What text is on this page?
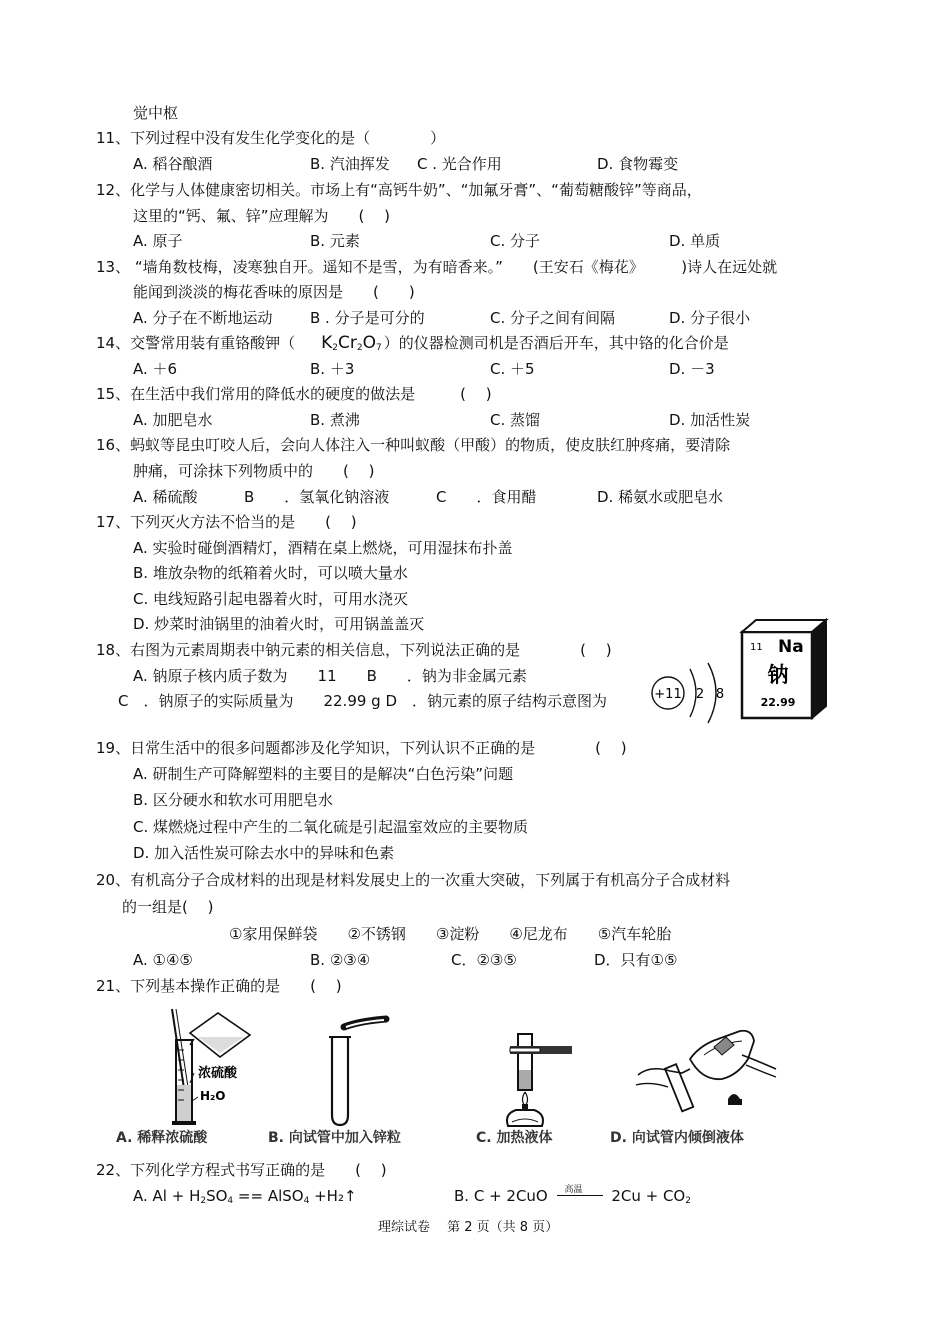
觉中枢
11、下列过程中没有发生化学变化的是（　　　　）
A. 稻谷酿酒	B. 汽油挥发 C . 光合作用	D. 食物霉变
12、化学与人体健康密切相关。市场上有“高钙牛奶”、“加氟牙膏”、“葡萄糖酸锌”等商品，
这里的“钙、氟、锌”应理解为　　(　 )
A. 原子	B. 元素	C. 分子	D. 单质
13、 “墙角数枝梅，凌寒独自开。遥知不是雪，为有暗香来。”　　(王安石《梅花》　　　)诗人在远处就
能闻到淡淡的梅花香味的原因是　　(　　)
A. 分子在不断地运动 B . 分子是可分的	C. 分子之间有间隔	D. 分子很小
14、交警常用装有重铬酸钾（ $K_2Cr_2O_7$ ）的仪器检测司机是否酒后开车，其中铬的化合价是
A. ＋6	B. ＋3	C. ＋5	D. －3
15、在生活中我们常用的降低水的硬度的做法是　　　(　 )
A. 加肥皂水	B. 煮沸	C. 蒸馏	D. 加活性炭
16、蚂蚁等昆虫叮咬人后，会向人体注入一种叫蚁酸（甲酸）的物质，使皮肤红肿疼痛，要清除
肿痛，可涂抹下列物质中的　　(　 )
A. 稀硫酸	B　　．氢氧化钠溶液	C　　．食用醋	D. 稀氨水或肥皂水
17、下列灭火方法不恰当的是　　(　 )
A. 实验时碰倒酒精灯，酒精在桌上燃烧，可用湿抹布扑盖
B. 堆放杂物的纸箱着火时，可以喷大量水
C. 电线短路引起电器着火时，可用水浇灭
D. 炒菜时油锅里的油着火时，可用锅盖盖灭
18、右图为元素周期表中钠元素的相关信息，下列说法正确的是　　　　(　 )
A. 钠原子核内质子数为　　11　　B　　．钠为非金属元素
C　．钠原子的实际质量为　　22.99 g D　．钠元素的原子结构示意图为	+11 2 8
11 Na
钠
22.99
19、日常生活中的很多问题都涉及化学知识，下列认识不正确的是　　　　(　 )
A. 研制生产可降解塑料的主要目的是解决“白色污染”问题
B. 区分硬水和软水可用肥皂水
C. 煤燃烧过程中产生的二氧化硫是引起温室效应的主要物质
D. 加入活性炭可除去水中的异味和色素
20、有机高分子合成材料的出现是材料发展史上的一次重大突破，下列属于有机高分子合成材料
的一组是(　 )
①家用保鲜袋　　②不锈钢　　③淀粉　　④尼龙布　　⑤汽车轮胎
A. ①④⑤	B. ②③④	C．②③⑤	D．只有①⑤
21、下列基本操作正确的是　　(　 )
浓硫酸
H₂O
A. 稀释浓硫酸	B. 向试管中加入锌粒	C. 加热液体	D. 向试管内倾倒液体
22、下列化学方程式书写正确的是　　(　 )
A. $Al + H_2SO_4$ == AlSO$_4$ +H₂↑	B. C + 2CuO 高温 $2Cu + CO_2$
理综试卷　 第 2 页（共 8 页）
